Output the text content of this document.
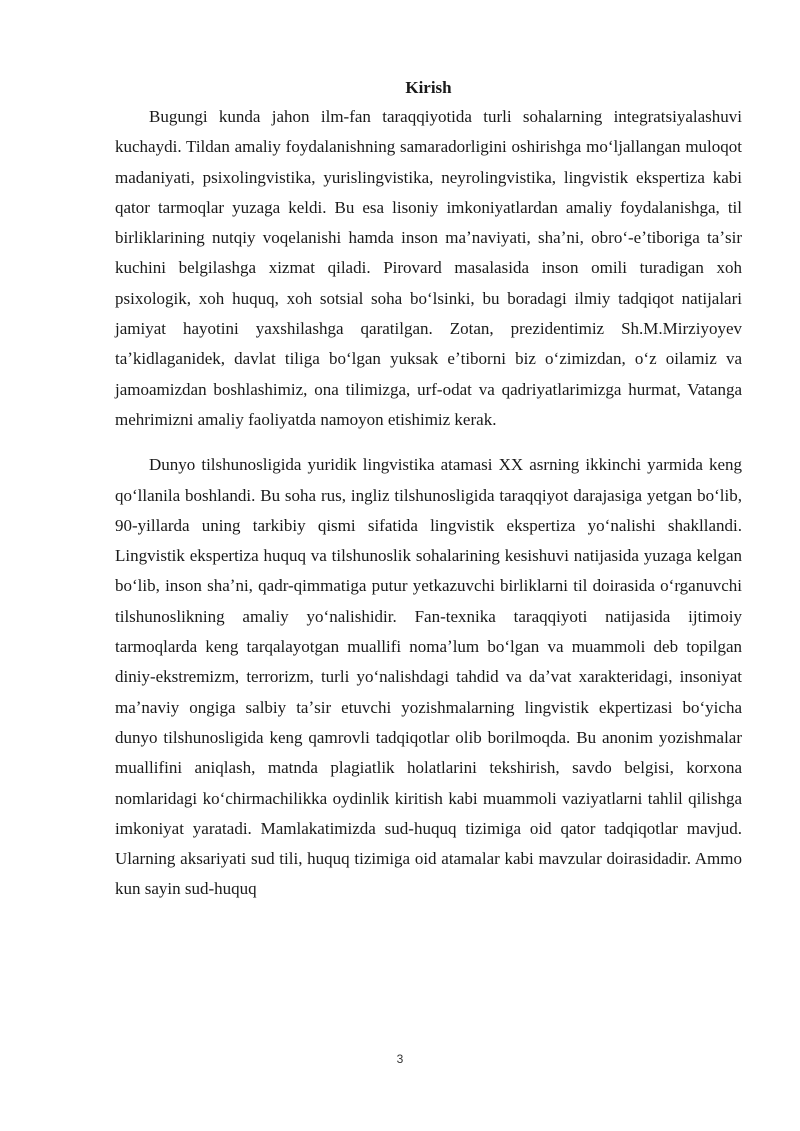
Kirish

Bugungi kunda jahon ilm-fan taraqqiyotida turli sohalarning integratsiyalashuvi kuchaydi. Tildan amaliy foydalanishning samaradorligini oshirishga moʻljallangan muloqot madaniyati, psixolingvistika, yurislingvistika, neyrolingvistika, lingvistik ekspertiza kabi qator tarmoqlar yuzaga keldi. Bu esa lisoniy imkoniyatlardan amaliy foydalanishga, til birliklarining nutqiy voqelanishi hamda inson maʼnaviyati, shaʼni, obroʻ-eʼtiboriga taʼsir kuchini belgilashga xizmat qiladi. Pirovard masalasida inson omili turadigan xoh psixologik, xoh huquq, xoh sotsial soha boʻlsinki, bu boradagi ilmiy tadqiqot natijalari jamiyat hayotini yaxshilashga qaratilgan. Zotan, prezidentimiz Sh.M.Mirziyoyev taʼkidlaganidek, davlat tiliga boʻlgan yuksak eʼtiborni biz oʻzimizdan, oʻz oilamiz va jamoamizdan boshlashimiz, ona tilimizga, urf-odat va qadriyatlarimizga hurmat, Vatanga mehrimizni amaliy faoliyatda namoyon etishimiz kerak.

Dunyo tilshunosligida yuridik lingvistika atamasi XX asrning ikkinchi yarmida keng qoʻllanila boshlandi. Bu soha rus, ingliz tilshunosligida taraqqiyot darajasiga yetgan boʻlib, 90-yillarda uning tarkibiy qismi sifatida lingvistik ekspertiza yoʻnalishi shakllandi. Lingvistik ekspertiza huquq va tilshunoslik sohalarining kesishuvi natijasida yuzaga kelgan boʻlib, inson shaʼni, qadr-qimmatiga putur yetkazuvchi birliklarni til doirasida oʻrganuvchi tilshunoslikning amaliy yoʻnalishidir. Fan-texnika taraqqiyoti natijasida ijtimoiy tarmoqlarda keng tarqalayotgan muallifi nomaʼlum boʻlgan va muammoli deb topilgan diniy-ekstremizm, terrorizm, turli yoʻnalishdagi tahdid va daʼvat xarakteridagi, insoniyat maʼnaviy ongiga salbiy taʼsir etuvchi yozishmalarning lingvistik ekpertizasi boʻyicha dunyo tilshunosligida keng qamrovli tadqiqotlar olib borilmoqda. Bu anonim yozishmalar muallifini aniqlash, matnda plagiatlik holatlarini tekshirish, savdo belgisi, korxona nomlaridagi koʻchirmachilikka oydinlik kiritish kabi muammoli vaziyatlarni tahlil qilishga imkoniyat yaratadi. Mamlakatimizda sud-huquq tizimiga oid qator tadqiqotlar mavjud. Ularning aksariyati sud tili, huquq tizimiga oid atamalar kabi mavzular doirasidadir. Ammo kun sayin sud-huquq

3
